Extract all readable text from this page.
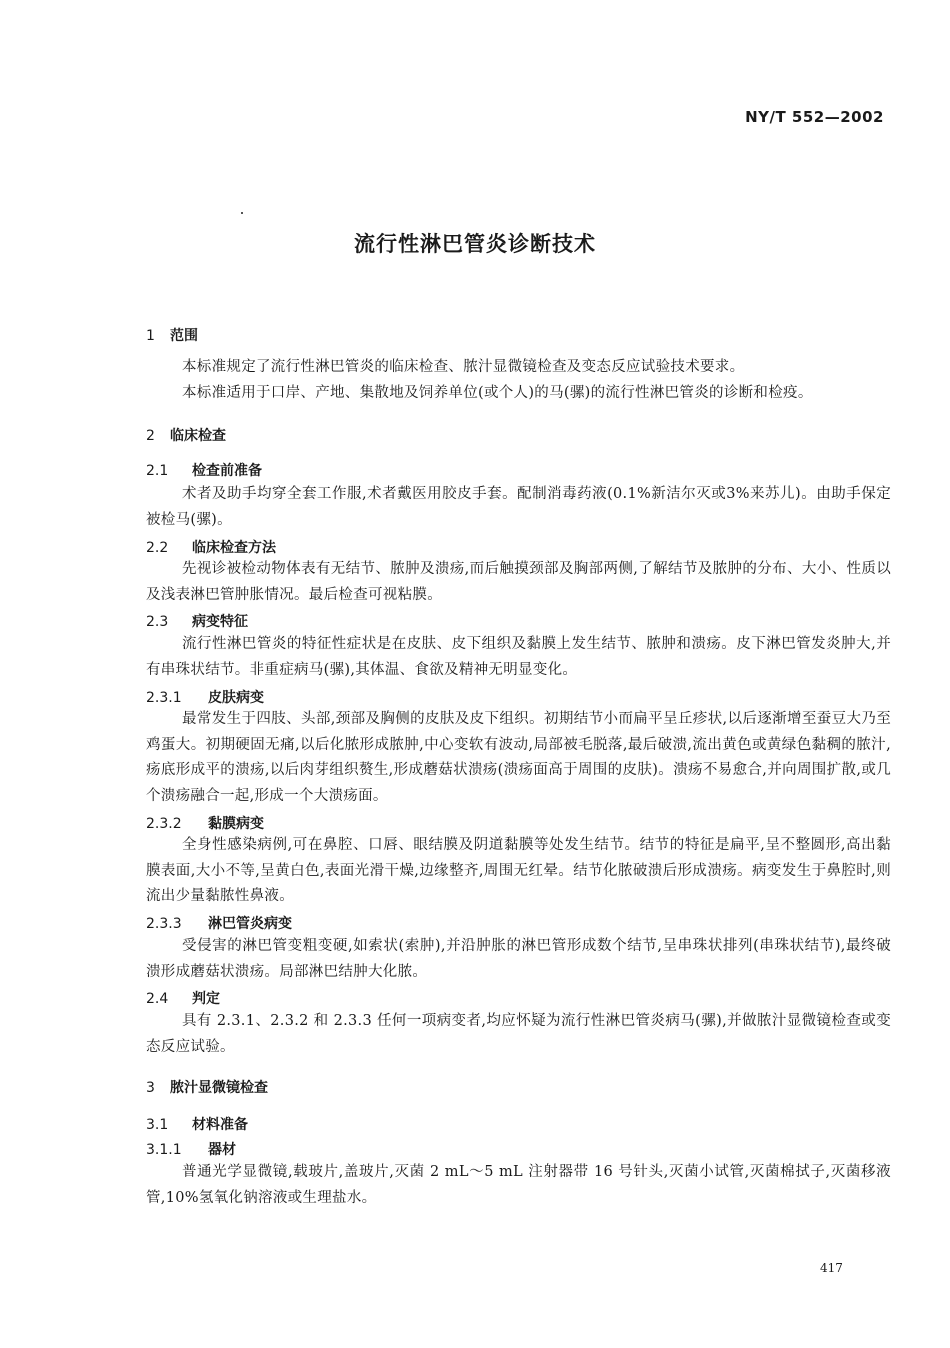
NY/T 552—2002
流行性淋巴管炎诊断技术
1 范围
本标准规定了流行性淋巴管炎的临床检查、脓汁显微镜检查及变态反应试验技术要求。
本标准适用于口岸、产地、集散地及饲养单位(或个人)的马(骡)的流行性淋巴管炎的诊断和检疫。
2 临床检查
2.1 检查前准备
术者及助手均穿全套工作服,术者戴医用胶皮手套。配制消毒药液(0.1%新洁尔灭或3%来苏儿)。由助手保定被检马(骡)。
2.2 临床检查方法
先视诊被检动物体表有无结节、脓肿及溃疡,而后触摸颈部及胸部两侧,了解结节及脓肿的分布、大小、性质以及浅表淋巴管肿胀情况。最后检查可视粘膜。
2.3 病变特征
流行性淋巴管炎的特征性症状是在皮肤、皮下组织及黏膜上发生结节、脓肿和溃疡。皮下淋巴管发炎肿大,并有串珠状结节。非重症病马(骡),其体温、食欲及精神无明显变化。
2.3.1 皮肤病变
最常发生于四肢、头部,颈部及胸侧的皮肤及皮下组织。初期结节小而扁平呈丘疹状,以后逐渐增至蚕豆大乃至鸡蛋大。初期硬固无痛,以后化脓形成脓肿,中心变软有波动,局部被毛脱落,最后破溃,流出黄色或黄绿色黏稠的脓汁,疡底形成平的溃疡,以后肉芽组织赘生,形成蘑菇状溃疡(溃疡面高于周围的皮肤)。溃疡不易愈合,并向周围扩散,或几个溃疡融合一起,形成一个大溃疡面。
2.3.2 黏膜病变
全身性感染病例,可在鼻腔、口唇、眼结膜及阴道黏膜等处发生结节。结节的特征是扁平,呈不整圆形,高出黏膜表面,大小不等,呈黄白色,表面光滑干燥,边缘整齐,周围无红晕。结节化脓破溃后形成溃疡。病变发生于鼻腔时,则流出少量黏脓性鼻液。
2.3.3 淋巴管炎病变
受侵害的淋巴管变粗变硬,如索状(索肿),并沿肿胀的淋巴管形成数个结节,呈串珠状排列(串珠状结节),最终破溃形成蘑菇状溃疡。局部淋巴结肿大化脓。
2.4 判定
具有 2.3.1、2.3.2 和 2.3.3 任何一项病变者,均应怀疑为流行性淋巴管炎病马(骡),并做脓汁显微镜检查或变态反应试验。
3 脓汁显微镜检查
3.1 材料准备
3.1.1 器材
普通光学显微镜,载玻片,盖玻片,灭菌 2 mL～5 mL 注射器带 16 号针头,灭菌小试管,灭菌棉拭子,灭菌移液管,10%氢氧化钠溶液或生理盐水。
417
